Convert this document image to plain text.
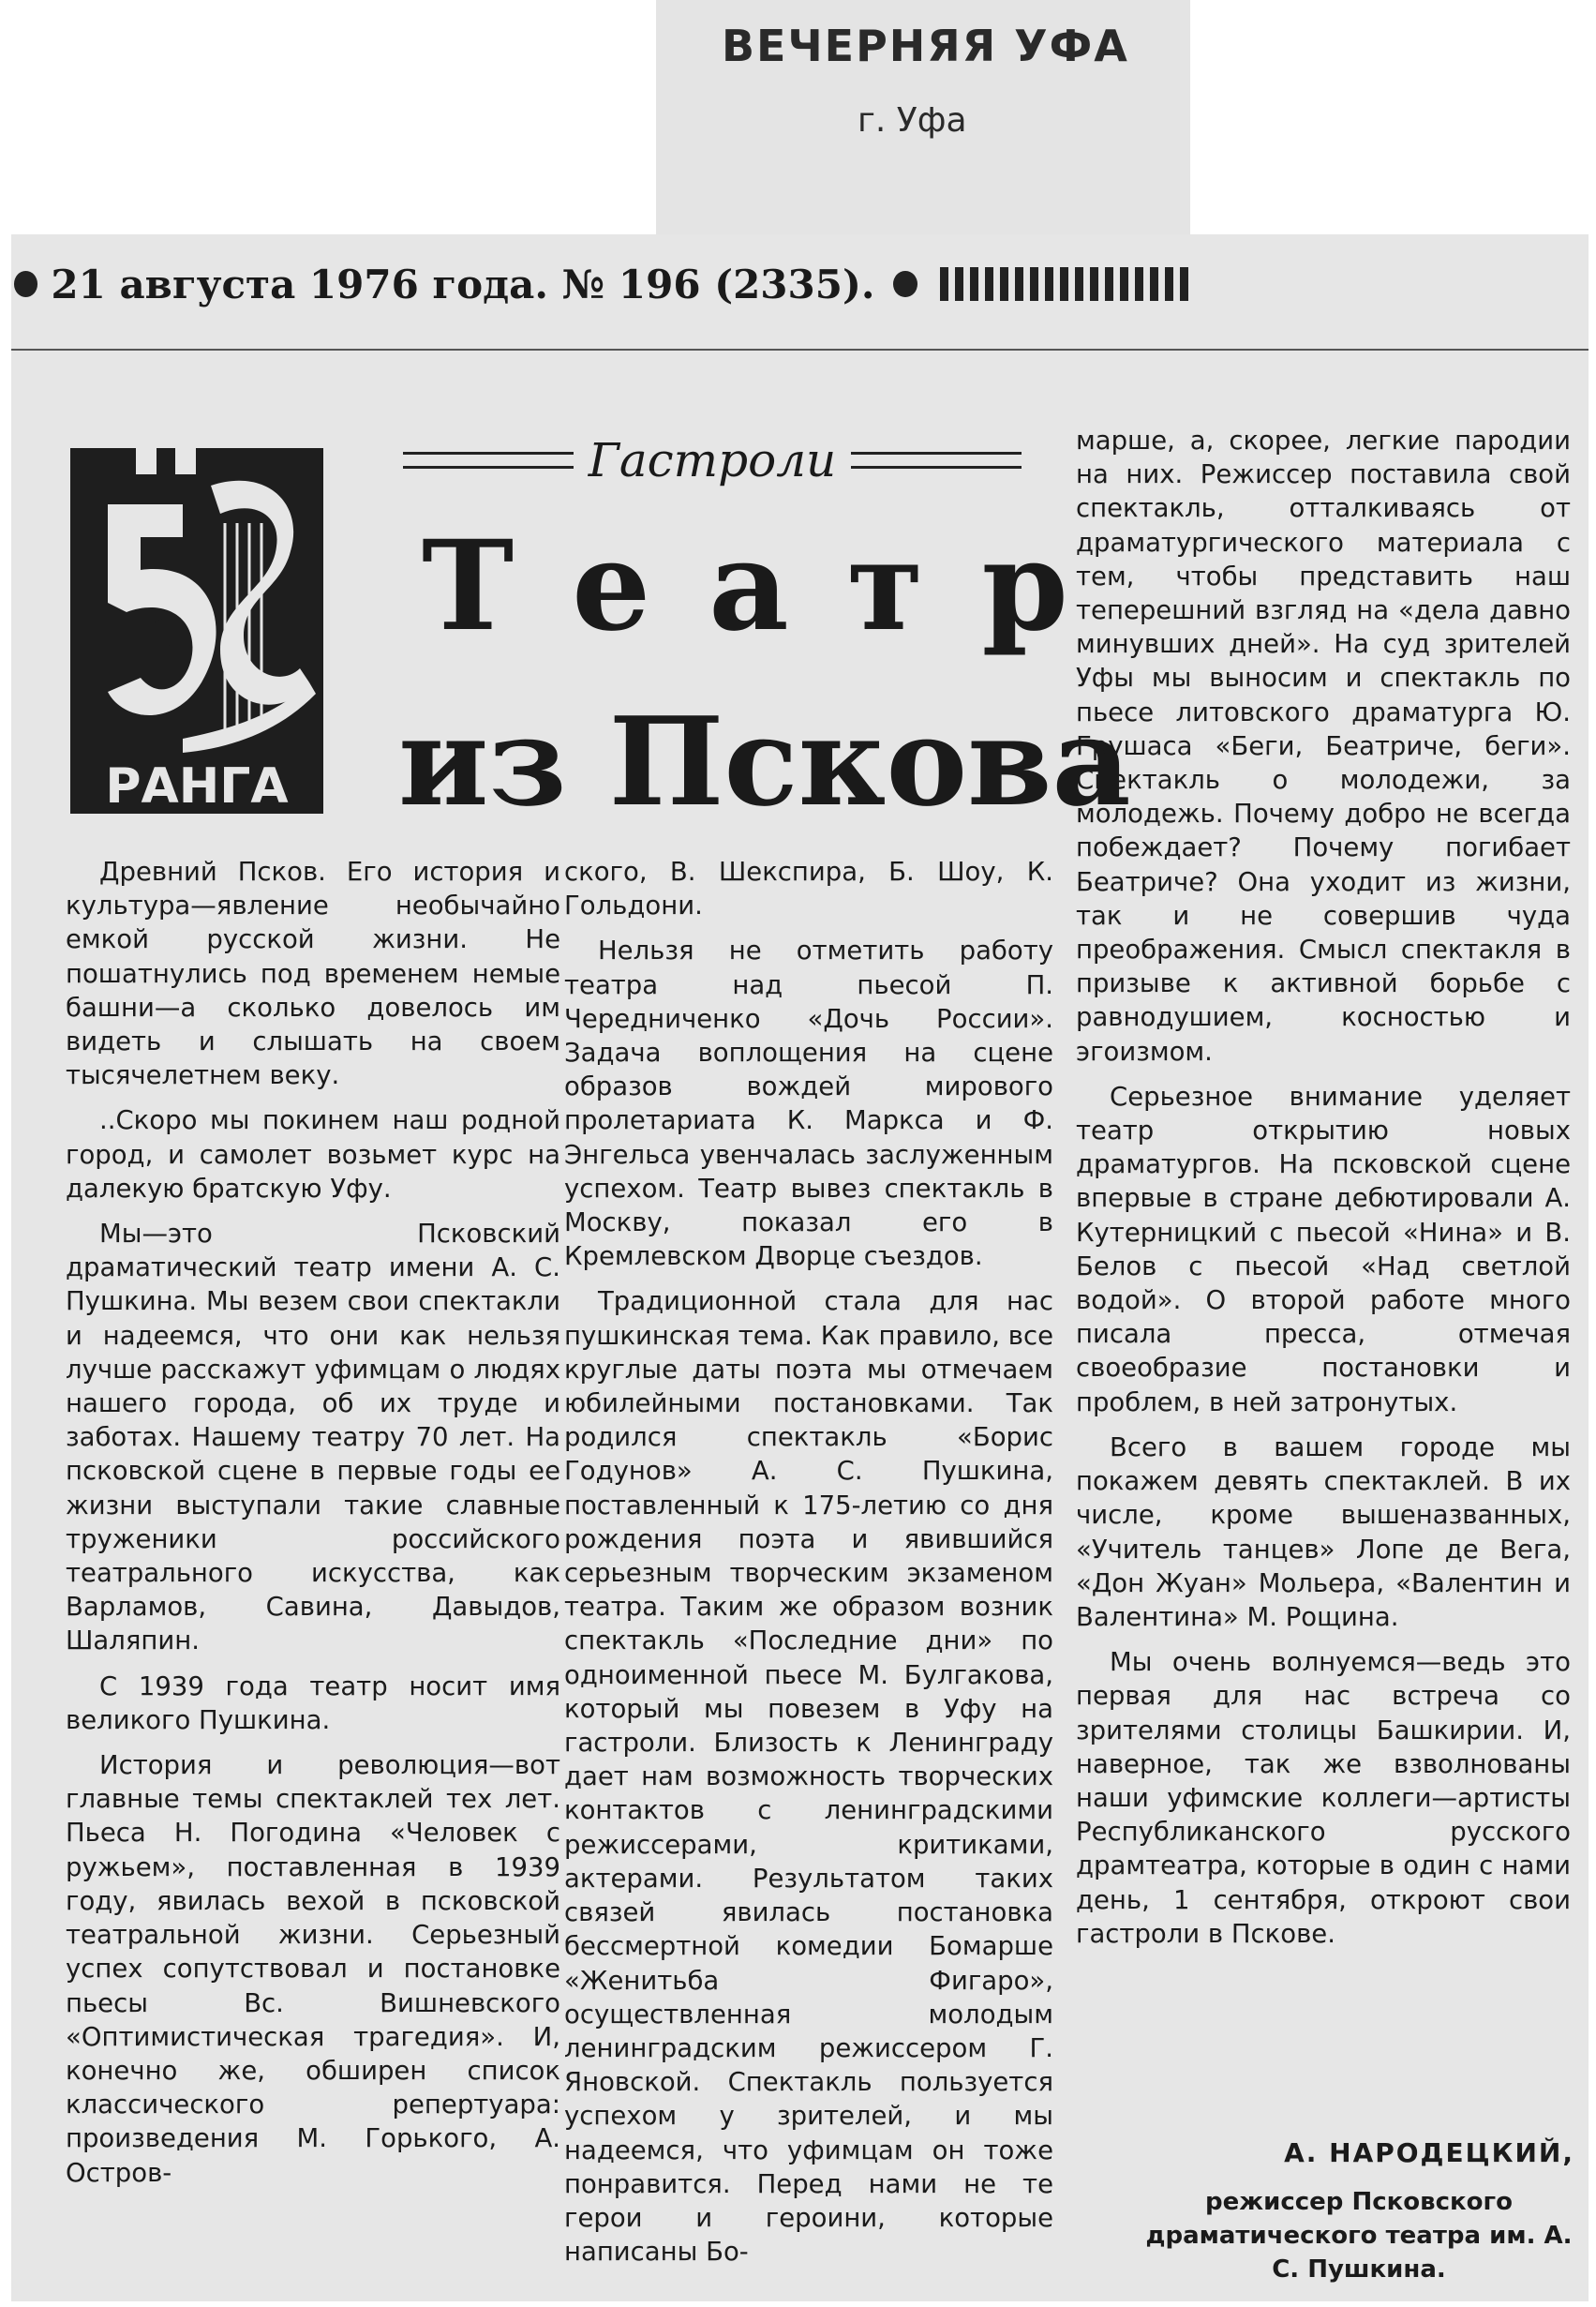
ВЕЧЕРНЯЯ УФА
г. Уфа
21 августа 1976 года. № 196 (2335).
РАНГА
Гастроли
Театр
из Пскова

Древний Псков. Его история и культура—явление необычайно емкой русской жизни. Не пошатнулись под временем немые башни—а сколько довелось им видеть и слышать на своем тысячелетнем веку.

..Скоро мы покинем наш родной город, и самолет возьмет курс на далекую братскую Уфу.

Мы—это Псковский драматический театр имени А. С. Пушкина. Мы везем свои спектакли и надеемся, что они как нельзя лучше расскажут уфимцам о людях нашего города, об их труде и заботах. Нашему театру 70 лет. На псковской сцене в первые годы ее жизни выступали такие славные труженики российского театрального искусства, как Варламов, Савина, Давыдов, Шаляпин.

С 1939 года театр носит имя великого Пушкина.

История и революция—вот главные темы спектаклей тех лет. Пьеса Н. Погодина «Человек с ружьем», поставленная в 1939 году, явилась вехой в псковской театральной жизни. Серьезный успех сопутствовал и постановке пьесы Вс. Вишневского «Оптимистическая трагедия». И, конечно же, обширен список классического репертуара: произведения М. Горького, А. Остров-

ского, В. Шекспира, Б. Шоу, К. Гольдони.

Нельзя не отметить работу театра над пьесой П. Чередниченко «Дочь России». Задача воплощения на сцене образов вождей мирового пролетариата К. Маркса и Ф. Энгельса увенчалась заслуженным успехом. Театр вывез спектакль в Москву, показал его в Кремлевском Дворце съездов.

Традиционной стала для нас пушкинская тема. Как правило, все круглые даты поэта мы отмечаем юбилейными постановками. Так родился спектакль «Борис Годунов» А. С. Пушкина, поставленный к 175-летию со дня рождения поэта и явившийся серьезным творческим экзаменом театра. Таким же образом возник спектакль «Последние дни» по одноименной пьесе М. Булгакова, который мы повезем в Уфу на гастроли. Близость к Ленинграду дает нам возможность творческих контактов с ленинградскими режиссерами, критиками, актерами. Результатом таких связей явилась постановка бессмертной комедии Бомарше «Женитьба Фигаро», осуществленная молодым ленинградским режиссером Г. Яновской. Спектакль пользуется успехом у зрителей, и мы надеемся, что уфимцам он тоже понравится. Перед нами не те герои и героини, которые написаны Бо-

марше, а, скорее, легкие пародии на них. Режиссер поставила свой спектакль, отталкиваясь от драматургического материала с тем, чтобы представить наш теперешний взгляд на «дела давно минувших дней». На суд зрителей Уфы мы выносим и спектакль по пьесе литовского драматурга Ю. Грушаса «Беги, Беатриче, беги». Спектакль о молодежи, за молодежь. Почему добро не всегда побеждает? Почему погибает Беатриче? Она уходит из жизни, так и не совершив чуда преображения. Смысл спектакля в призыве к активной борьбе с равнодушием, косностью и эгоизмом.

Серьезное внимание уделяет театр открытию новых драматургов. На псковской сцене впервые в стране дебютировали А. Кутерницкий с пьесой «Нина» и В. Белов с пьесой «Над светлой водой». О второй работе много писала пресса, отмечая своеобразие постановки и проблем, в ней затронутых.

Всего в вашем городе мы покажем девять спектаклей. В их числе, кроме вышеназванных, «Учитель танцев» Лопе де Вега, «Дон Жуан» Мольера, «Валентин и Валентина» М. Рощина.

Мы очень волнуемся—ведь это первая для нас встреча со зрителями столицы Башкирии. И, наверное, так же взволнованы наши уфимские коллеги—артисты Республиканского русского драмтеатра, которые в один с нами день, 1 сентября, откроют свои гастроли в Пскове.

А. НАРОДЕЦКИЙ,
режиссер Псковского драматического театра им. А. С. Пушкина.
